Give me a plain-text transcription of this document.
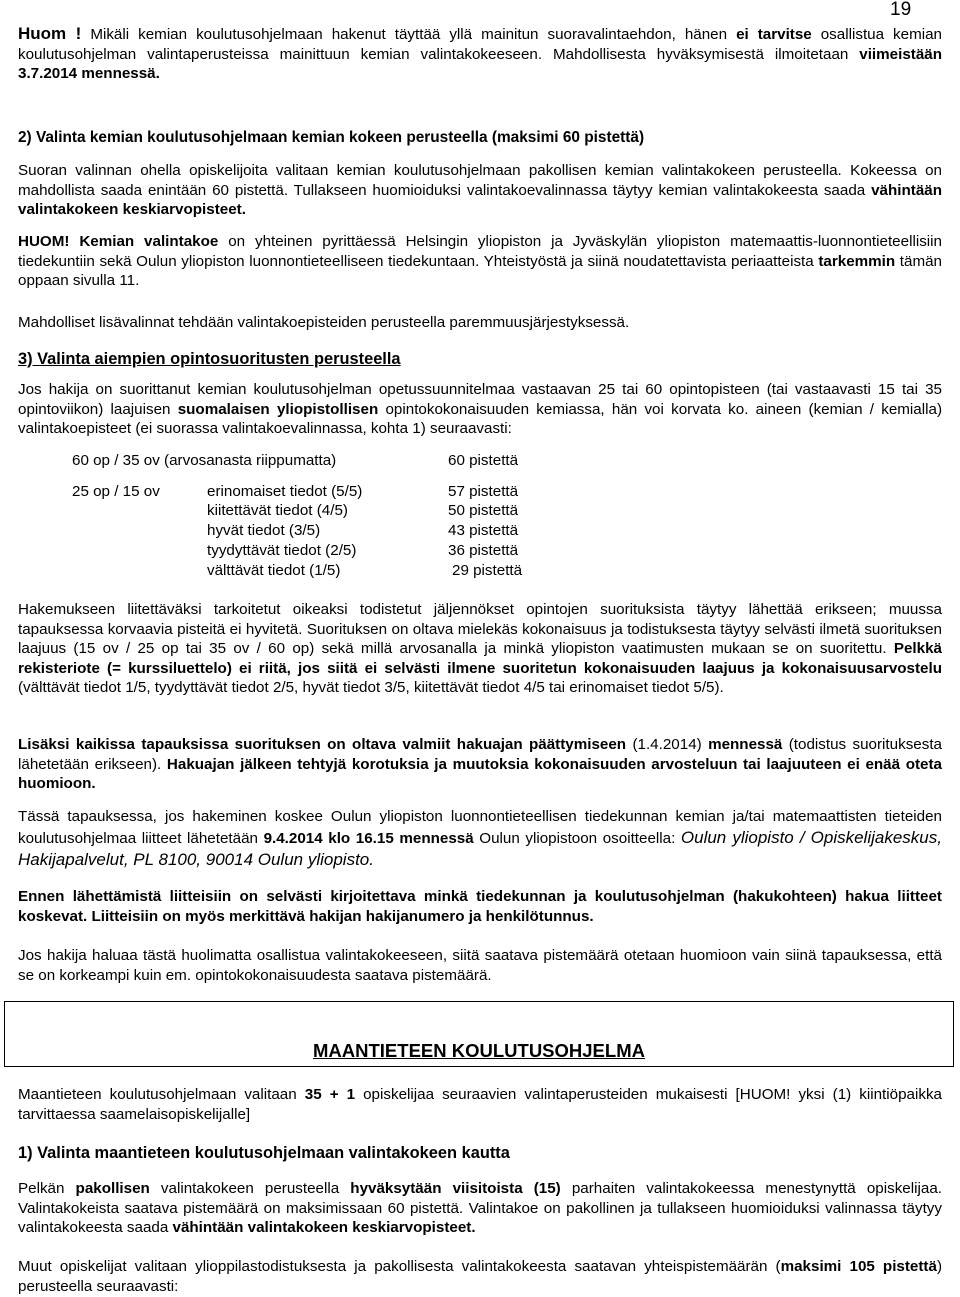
19
Huom ! Mikäli kemian koulutusohjelmaan hakenut täyttää yllä mainitun suoravalintaehdon, hänen ei tarvitse osallistua kemian koulutusohjelman valintaperusteissa mainittuun kemian valintakokeeseen. Mahdollisesta hyväksymisestä ilmoitetaan viimeistään 3.7.2014 mennessä.
2) Valinta kemian koulutusohjelmaan kemian kokeen perusteella (maksimi 60 pistettä)
Suoran valinnan ohella opiskelijoita valitaan kemian koulutusohjelmaan pakollisen kemian valintakokeen perusteella. Kokeessa on mahdollista saada enintään 60 pistettä. Tullakseen huomioiduksi valintakoevalinnassa täytyy kemian valintakokeesta saada vähintään valintakokeen keskiarvopisteet.
HUOM! Kemian valintakoe on yhteinen pyrittäessä Helsingin yliopiston ja Jyväskylän yliopiston matemaattis-luonnontieteellisiin tiedekuntiin sekä Oulun yliopiston luonnontieteelliseen tiedekuntaan. Yhteistyöstä ja siinä noudatettavista periaatteista tarkemmin tämän oppaan sivulla 11.
Mahdolliset lisävalinnat tehdään valintakoepisteiden perusteella paremmuusjärjestyksessä.
3) Valinta aiempien opintosuoritusten perusteella
Jos hakija on suorittanut kemian koulutusohjelman opetussuunnitelmaa vastaavan 25 tai 60 opintopisteen (tai vastaavasti 15 tai 35 opintoviikon) laajuisen suomalaisen yliopistollisen opintokokonaisuuden kemiassa, hän voi korvata ko. aineen (kemian / kemialla) valintakoepisteet (ei suorassa valintakoevalinnassa, kohta 1) seuraavasti:
60 op / 35 ov (arvosanasta riippumatta)	60 pistettä
25 op / 15 ov	erinomaiset tiedot (5/5)	57 pistettä
kiitettävät tiedot (4/5)	50 pistettä
hyvät tiedot (3/5)	43 pistettä
tyydyttävät tiedot (2/5)	36 pistettä
välttävät tiedot (1/5)	29 pistettä
Hakemukseen liitettäväksi tarkoitetut oikeaksi todistetut jäljennökset opintojen suorituksista täytyy lähettää erikseen; muussa tapauksessa korvaavia pisteitä ei hyvitetä. Suorituksen on oltava mielekäs kokonaisuus ja todistuksesta täytyy selvästi ilmetä suorituksen laajuus (15 ov / 25 op tai 35 ov / 60 op) sekä millä arvosanalla ja minkä yliopiston vaatimusten mukaan se on suoritettu. Pelkkä rekisteriote (= kurssiluettelo) ei riitä, jos siitä ei selvästi ilmene suoritetun kokonaisuuden laajuus ja kokonaisuusarvostelu (välttävät tiedot 1/5, tyydyttävät tiedot 2/5, hyvät tiedot 3/5, kiitettävät tiedot 4/5 tai erinomaiset tiedot 5/5).
Lisäksi kaikissa tapauksissa suorituksen on oltava valmiit hakuajan päättymiseen (1.4.2014) mennessä (todistus suorituksesta lähetetään erikseen). Hakuajan jälkeen tehtyjä korotuksia ja muutoksia kokonaisuuden arvosteluun tai laajuuteen ei enää oteta huomioon.
Tässä tapauksessa, jos hakeminen koskee Oulun yliopiston luonnontieteellisen tiedekunnan kemian ja/tai matemaattisten tieteiden koulutusohjelmaa liitteet lähetetään 9.4.2014 klo 16.15 mennessä Oulun yliopistoon osoitteella: Oulun yliopisto / Opiskelijakeskus, Hakijapalvelut, PL 8100, 90014 Oulun yliopisto.
Ennen lähettämistä liitteisiin on selvästi kirjoitettava minkä tiedekunnan ja koulutusohjelman (hakukohteen) hakua liitteet koskevat. Liitteisiin on myös merkittävä hakijan hakijanumero ja henkilötunnus.
Jos hakija haluaa tästä huolimatta osallistua valintakokeeseen, siitä saatava pistemäärä otetaan huomioon vain siinä tapauksessa, että se on korkeampi kuin em. opintokokonaisuudesta saatava pistemäärä.
MAANTIETEEN KOULUTUSOHJELMA
Maantieteen koulutusohjelmaan valitaan 35 + 1 opiskelijaa seuraavien valintaperusteiden mukaisesti [HUOM! yksi (1) kiintiöpaikka tarvittaessa saamelaisopiskelijalle]
1) Valinta maantieteen koulutusohjelmaan valintakokeen kautta
Pelkän pakollisen valintakokeen perusteella hyväksytään viisitoista (15) parhaiten valintakokeessa menestynyttä opiskelijaa. Valintakokeista saatava pistemäärä on maksimissaan 60 pistettä. Valintakoe on pakollinen ja tullakseen huomioiduksi valinnassa täytyy valintakokeesta saada vähintään valintakokeen keskiarvopisteet.
Muut opiskelijat valitaan ylioppilastodistuksesta ja pakollisesta valintakokeesta saatavan yhteispistemäärän (maksimi 105 pistettä) perusteella seuraavasti:
